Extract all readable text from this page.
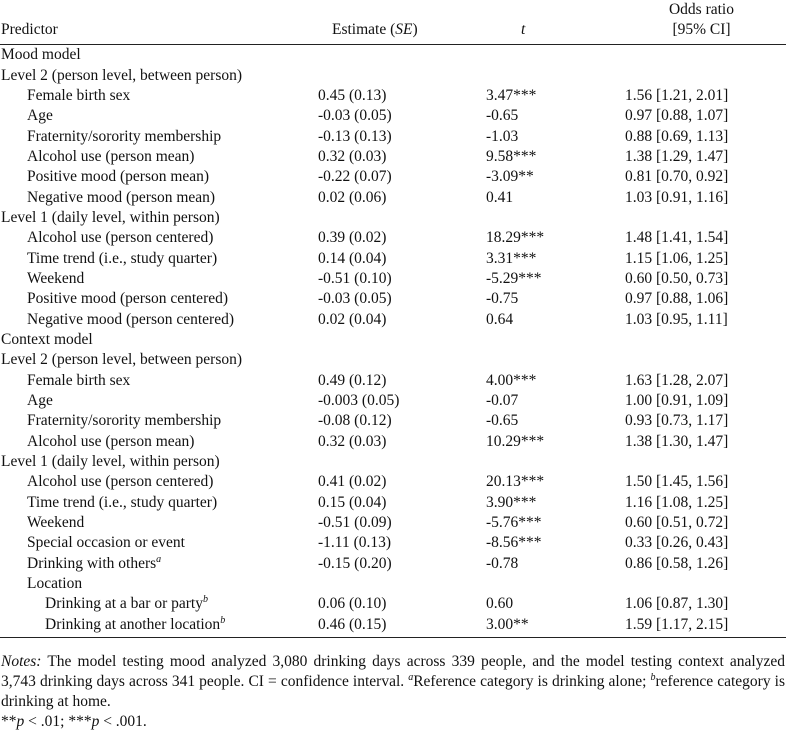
Predictor	Estimate (SE)	t	Odds ratio
[95% CI]

Mood model			
Level 2 (person level, between person)			
Female birth sex	0.45 (0.13)	3.47***	1.56 [1.21, 2.01]
Age	-0.03 (0.05)	-0.65	0.97 [0.88, 1.07]
Fraternity/sorority membership	-0.13 (0.13)	-1.03	0.88 [0.69, 1.13]
Alcohol use (person mean)	0.32 (0.03)	9.58***	1.38 [1.29, 1.47]
Positive mood (person mean)	-0.22 (0.07)	-3.09**	0.81 [0.70, 0.92]
Negative mood (person mean)	0.02 (0.06)	0.41	1.03 [0.91, 1.16]
Level 1 (daily level, within person)			
Alcohol use (person centered)	0.39 (0.02)	18.29***	1.48 [1.41, 1.54]
Time trend (i.e., study quarter)	0.14 (0.04)	3.31***	1.15 [1.06, 1.25]
Weekend	-0.51 (0.10)	-5.29***	0.60 [0.50, 0.73]
Positive mood (person centered)	-0.03 (0.05)	-0.75	0.97 [0.88, 1.06]
Negative mood (person centered)	0.02 (0.04)	0.64	1.03 [0.95, 1.11]
Context model			
Level 2 (person level, between person)			
Female birth sex	0.49 (0.12)	4.00***	1.63 [1.28, 2.07]
Age	-0.003 (0.05)	-0.07	1.00 [0.91, 1.09]
Fraternity/sorority membership	-0.08 (0.12)	-0.65	0.93 [0.73, 1.17]
Alcohol use (person mean)	0.32 (0.03)	10.29***	1.38 [1.30, 1.47]
Level 1 (daily level, within person)			
Alcohol use (person centered)	0.41 (0.02)	20.13***	1.50 [1.45, 1.56]
Time trend (i.e., study quarter)	0.15 (0.04)	3.90***	1.16 [1.08, 1.25]
Weekend	-0.51 (0.09)	-5.76***	0.60 [0.51, 0.72]
Special occasion or event	-1.11 (0.13)	-8.56***	0.33 [0.26, 0.43]
Drinking with others$^a$	-0.15 (0.20)	-0.78	0.86 [0.58, 1.26]
Location			
Drinking at a bar or party$^b$	0.06 (0.10)	0.60	1.06 [0.87, 1.30]
Drinking at another location$^b$	0.46 (0.15)	3.00**	1.59 [1.17, 2.15]

Notes: The model testing mood analyzed 3,080 drinking days across 339 people, and the model testing context analyzed 3,743 drinking days across 341 people. CI = confidence interval. $^a$Reference category is drinking alone; $^b$reference category is drinking at home.

**p < .01; ***p < .001.
